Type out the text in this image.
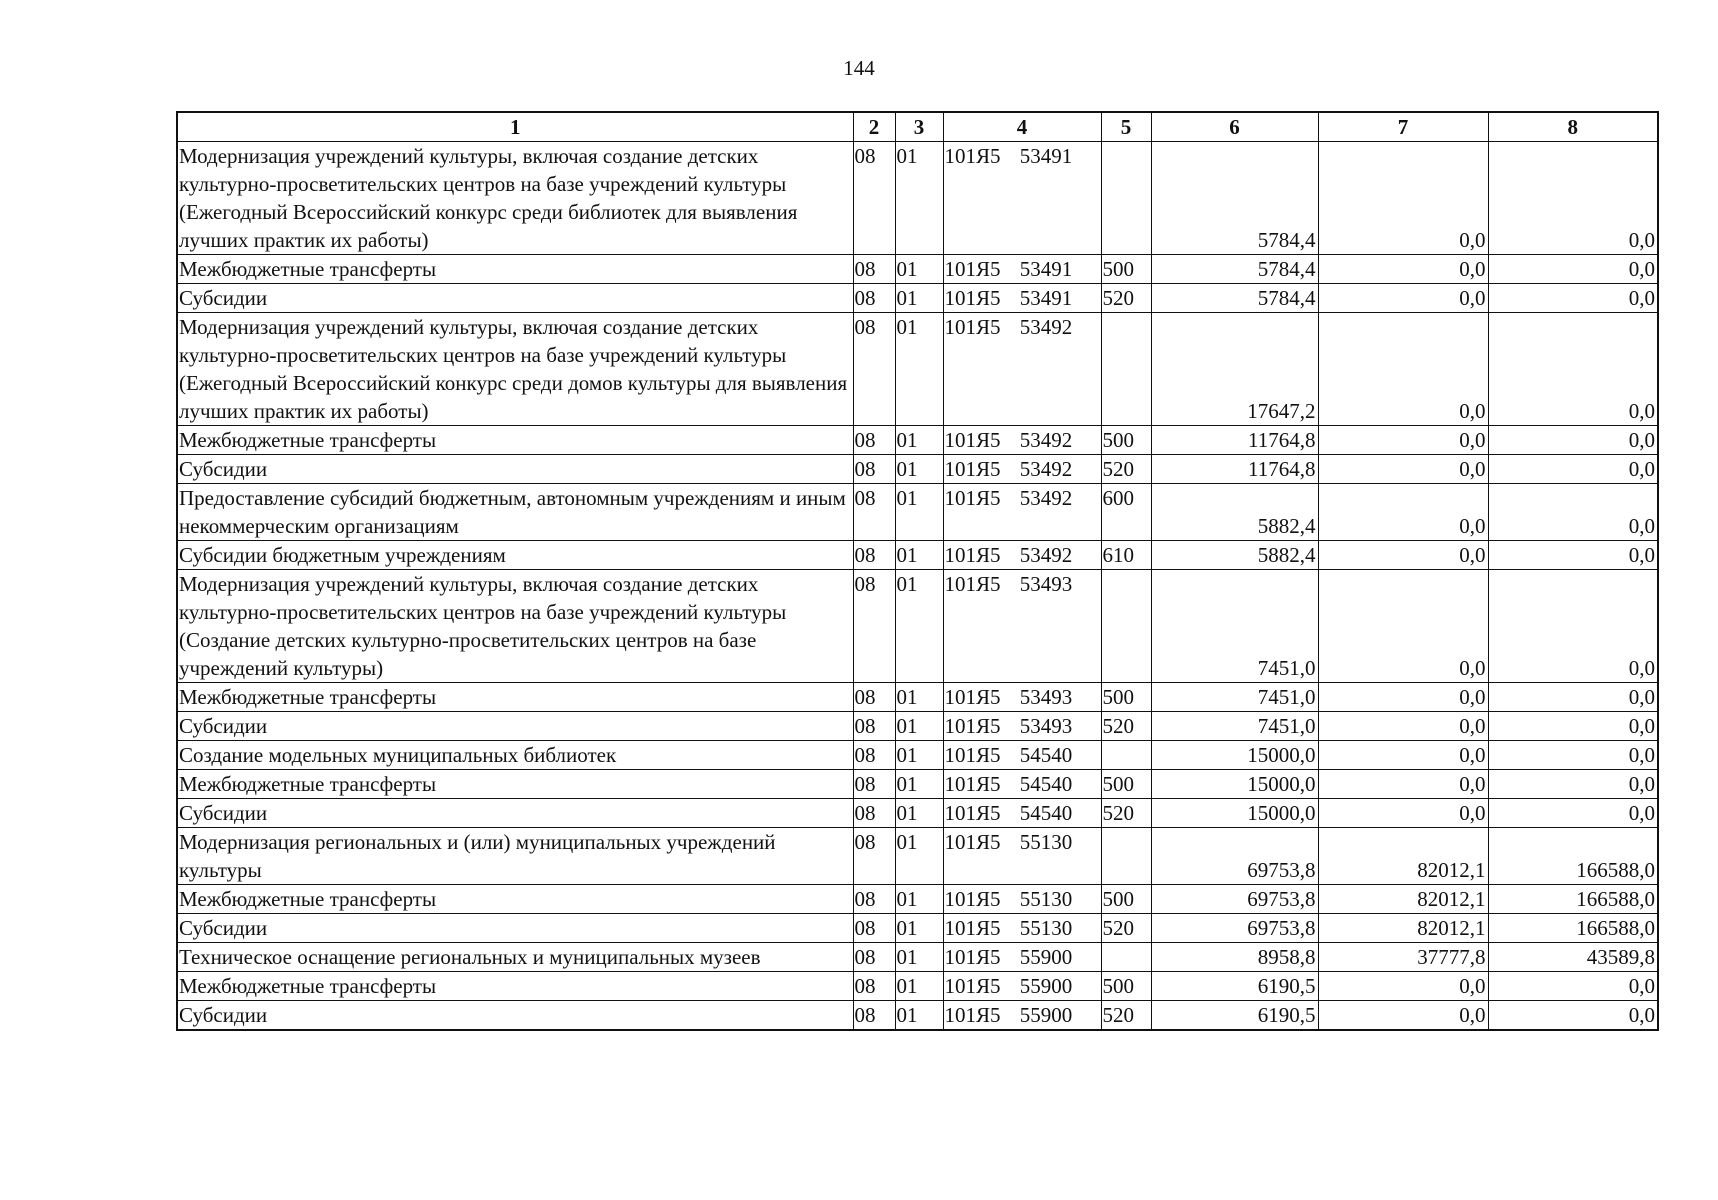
144
1	2	3	4	5	6	7	8
Модернизация учреждений культуры, включая создание детских культурно-просветительских центров на базе учреждений культуры (Ежегодный Всероссийский конкурс среди библиотек для выявления лучших практик их работы)	08	01	101Я5 53491		5784,4	0,0	0,0
Межбюджетные трансферты	08	01	101Я5 53491	500	5784,4	0,0	0,0
Субсидии	08	01	101Я5 53491	520	5784,4	0,0	0,0
Модернизация учреждений культуры, включая создание детских культурно-просветительских центров на базе учреждений культуры (Ежегодный Всероссийский конкурс среди домов культуры для выявления лучших практик их работы)	08	01	101Я5 53492		17647,2	0,0	0,0
Межбюджетные трансферты	08	01	101Я5 53492	500	11764,8	0,0	0,0
Субсидии	08	01	101Я5 53492	520	11764,8	0,0	0,0
Предоставление субсидий бюджетным, автономным учреждениям и иным некоммерческим организациям	08	01	101Я5 53492	600	5882,4	0,0	0,0
Субсидии бюджетным учреждениям	08	01	101Я5 53492	610	5882,4	0,0	0,0
Модернизация учреждений культуры, включая создание детских культурно-просветительских центров на базе учреждений культуры (Создание детских культурно-просветительских центров на базе учреждений культуры)	08	01	101Я5 53493		7451,0	0,0	0,0
Межбюджетные трансферты	08	01	101Я5 53493	500	7451,0	0,0	0,0
Субсидии	08	01	101Я5 53493	520	7451,0	0,0	0,0
Создание модельных муниципальных библиотек	08	01	101Я5 54540		15000,0	0,0	0,0
Межбюджетные трансферты	08	01	101Я5 54540	500	15000,0	0,0	0,0
Субсидии	08	01	101Я5 54540	520	15000,0	0,0	0,0
Модернизация региональных и (или) муниципальных учреждений культуры	08	01	101Я5 55130		69753,8	82012,1	166588,0
Межбюджетные трансферты	08	01	101Я5 55130	500	69753,8	82012,1	166588,0
Субсидии	08	01	101Я5 55130	520	69753,8	82012,1	166588,0
Техническое оснащение региональных и муниципальных музеев	08	01	101Я5 55900		8958,8	37777,8	43589,8
Межбюджетные трансферты	08	01	101Я5 55900	500	6190,5	0,0	0,0
Субсидии	08	01	101Я5 55900	520	6190,5	0,0	0,0
